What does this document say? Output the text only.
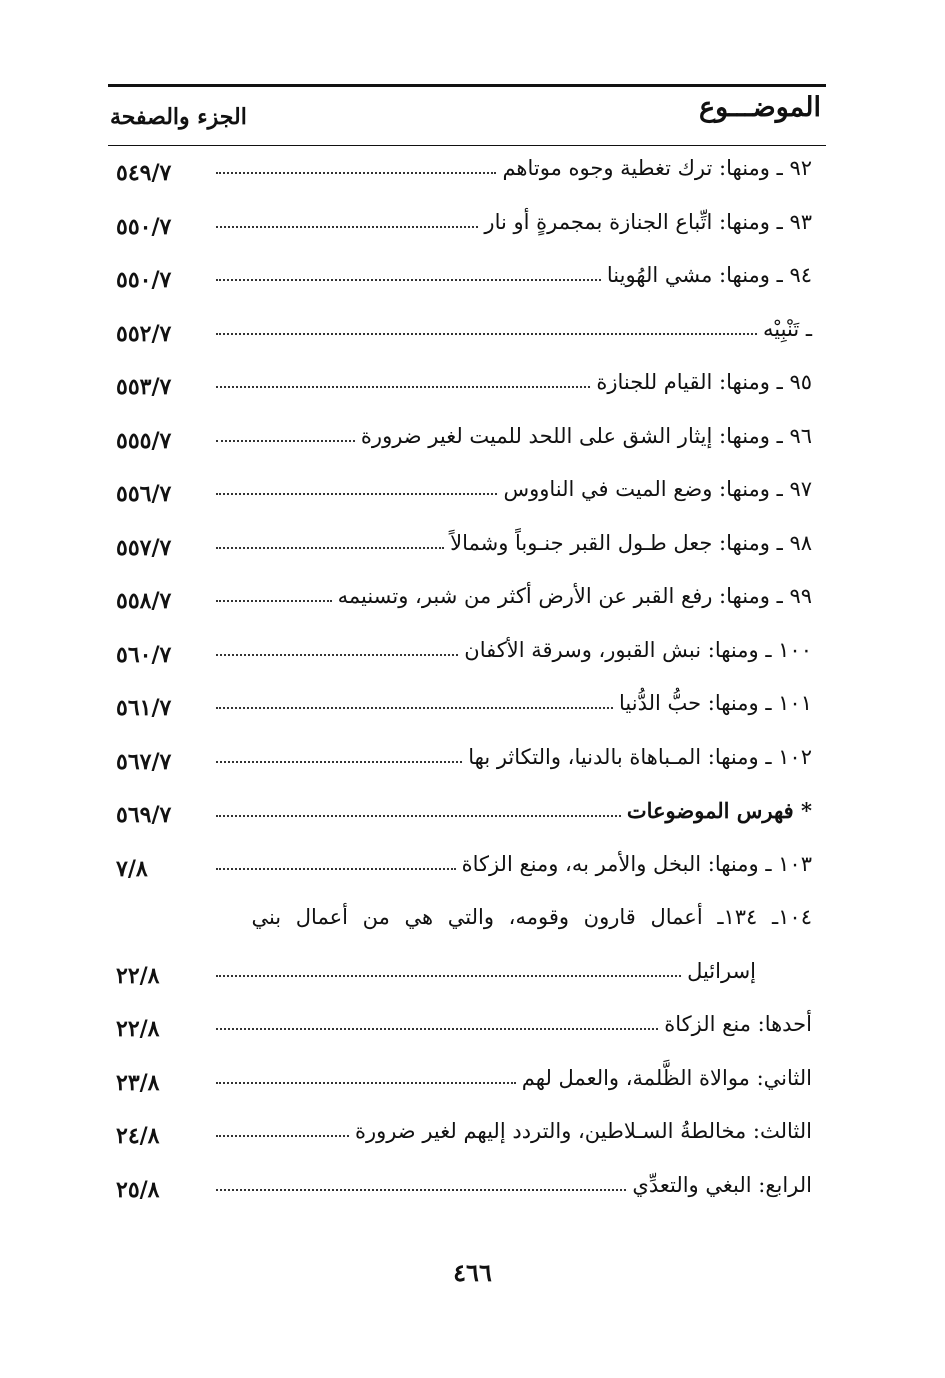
الموضـــوع
الجزء والصفحة
٩٢ ـ ومنها: ترك تغطية وجوه موتاهم
٥٤٩/٧
٩٣ ـ ومنها: اتِّباع الجنازة بمجمرةٍ أو نار
٥٥٠/٧
٩٤ ـ ومنها: مشي الهُوينا
٥٥٠/٧
ـ تَنْبِيْه
٥٥٢/٧
٩٥ ـ ومنها: القيام للجنازة
٥٥٣/٧
٩٦ ـ ومنها: إيثار الشق على اللحد للميت لغير ضرورة
٥٥٥/٧
٩٧ ـ ومنها: وضع الميت في الناووس
٥٥٦/٧
٩٨ ـ ومنها: جعل طـول القبر جنـوباً وشمالاً
٥٥٧/٧
٩٩ ـ ومنها: رفع القبر عن الأرض أكثر من شبر، وتسنيمه
٥٥٨/٧
١٠٠ ـ ومنها: نبش القبور، وسرقة الأكفان
٥٦٠/٧
١٠١ ـ ومنها: حبُّ الدُّنيا
٥٦١/٧
١٠٢ ـ ومنها: المـباهاة بالدنيا، والتكاثر بها
٥٦٧/٧
* فهرس الموضوعات
٥٦٩/٧
١٠٣ ـ ومنها: البخل والأمر به، ومنع الزكاة
٧/٨
١٠٤ـ ١٣٤ـ أعمال قارون وقومه، والتي هي من أعمال بني
إسرائيل
٢٢/٨
أحدها: منع الزكاة
٢٢/٨
الثاني: موالاة الظَّلمة، والعمل لهم
٢٣/٨
الثالث: مخالطةُ السـلاطين، والتردد إليهم لغير ضرورة
٢٤/٨
الرابع: البغي والتعدِّي
٢٥/٨
٤٦٦
